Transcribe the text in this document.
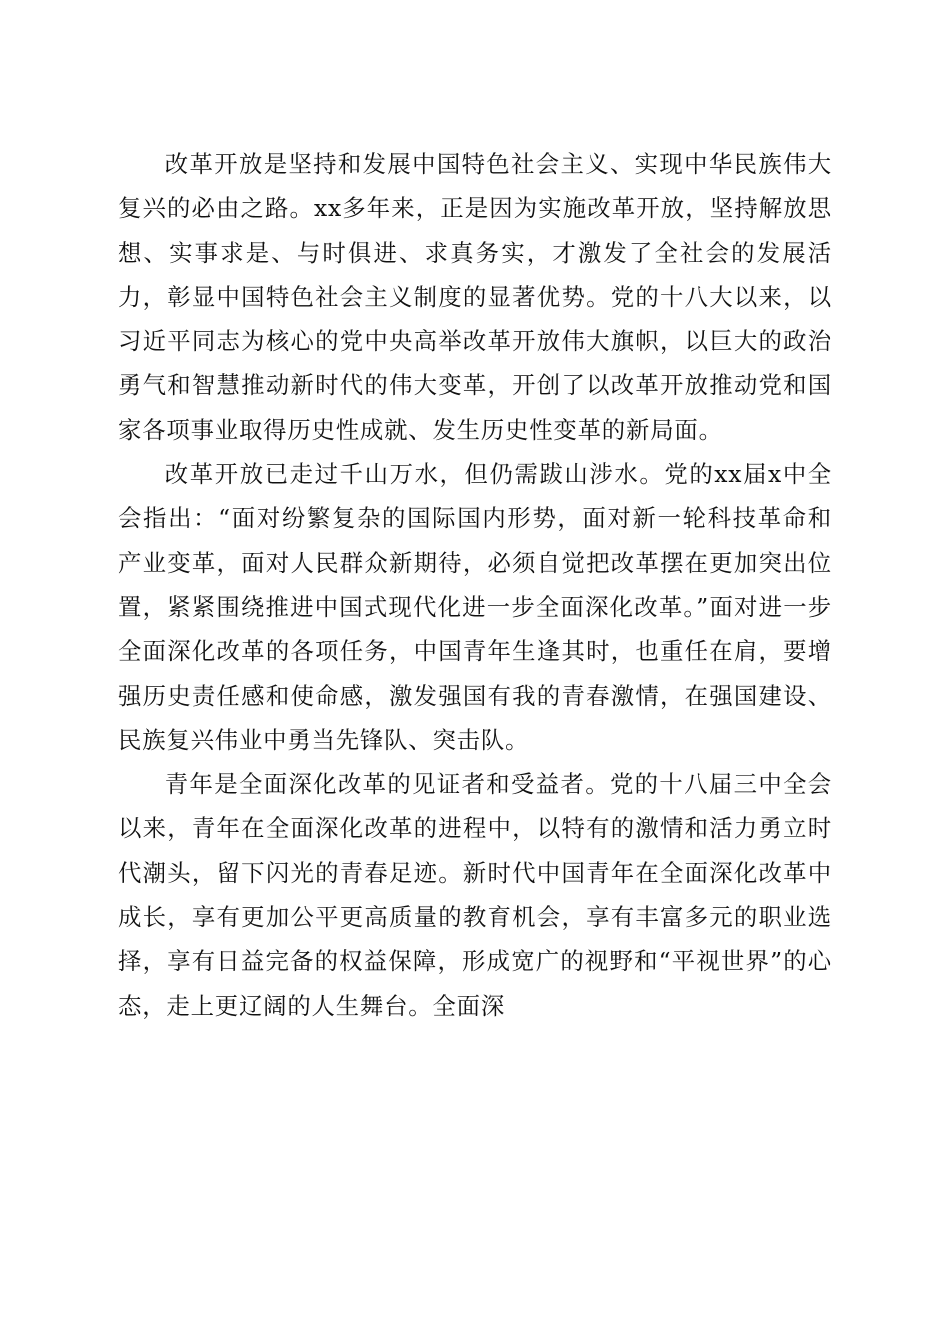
改革开放是坚持和发展中国特色社会主义、实现中华民族伟大复兴的必由之路。xx多年来，正是因为实施改革开放，坚持解放思想、实事求是、与时俱进、求真务实，才激发了全社会的发展活力，彰显中国特色社会主义制度的显著优势。党的十八大以来，以习近平同志为核心的党中央高举改革开放伟大旗帜，以巨大的政治勇气和智慧推动新时代的伟大变革，开创了以改革开放推动党和国家各项事业取得历史性成就、发生历史性变革的新局面。

改革开放已走过千山万水，但仍需跋山涉水。党的xx届x中全会指出：“面对纷繁复杂的国际国内形势，面对新一轮科技革命和产业变革，面对人民群众新期待，必须自觉把改革摆在更加突出位置，紧紧围绕推进中国式现代化进一步全面深化改革。”面对进一步全面深化改革的各项任务，中国青年生逢其时，也重任在肩，要增强历史责任感和使命感，激发强国有我的青春激情，在强国建设、民族复兴伟业中勇当先锋队、突击队。

青年是全面深化改革的见证者和受益者。党的十八届三中全会以来，青年在全面深化改革的进程中，以特有的激情和活力勇立时代潮头，留下闪光的青春足迹。新时代中国青年在全面深化改革中成长，享有更加公平更高质量的教育机会，享有丰富多元的职业选择，享有日益完备的权益保障，形成宽广的视野和“平视世界”的心态，走上更辽阔的人生舞台。全面深
